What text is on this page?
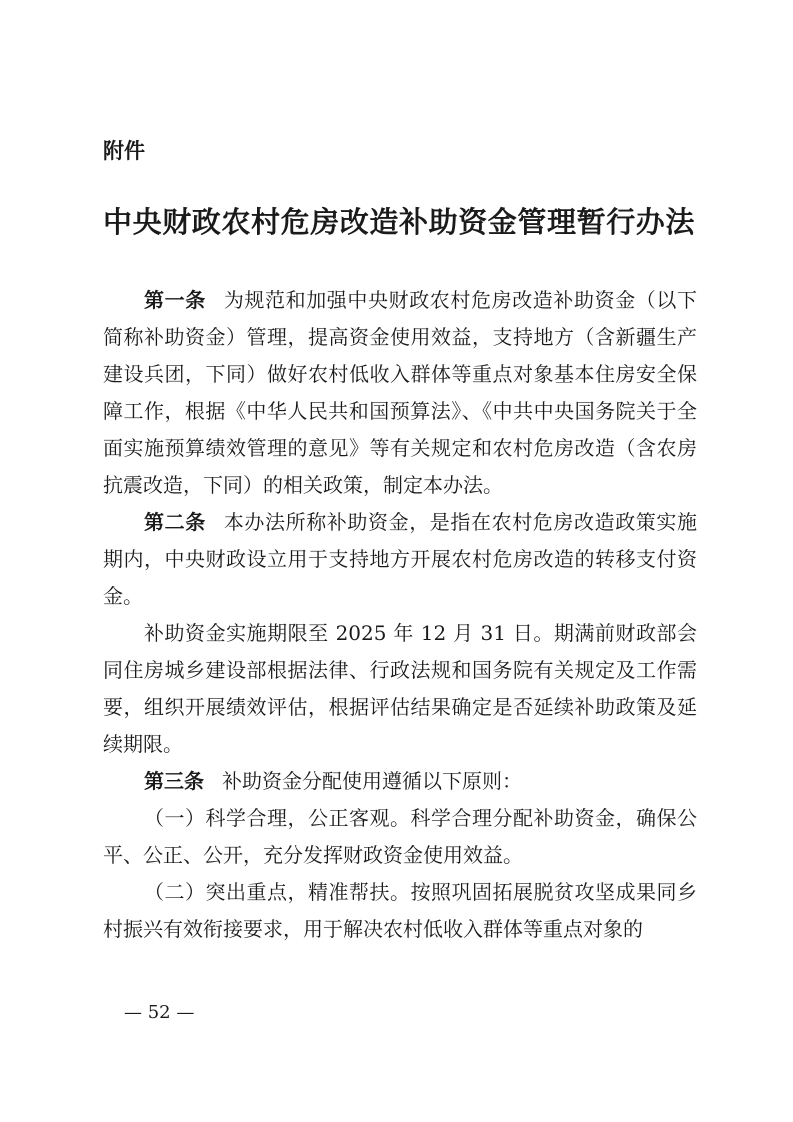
附件
中央财政农村危房改造补助资金管理暂行办法

第一条 为规范和加强中央财政农村危房改造补助资金（以下简称补助资金）管理，提高资金使用效益，支持地方（含新疆生产建设兵团，下同）做好农村低收入群体等重点对象基本住房安全保障工作，根据《中华人民共和国预算法》、《中共中央国务院关于全面实施预算绩效管理的意见》等有关规定和农村危房改造（含农房抗震改造，下同）的相关政策，制定本办法。

第二条 本办法所称补助资金，是指在农村危房改造政策实施期内，中央财政设立用于支持地方开展农村危房改造的转移支付资金。

补助资金实施期限至 2025 年 12 月 31 日。期满前财政部会同住房城乡建设部根据法律、行政法规和国务院有关规定及工作需要，组织开展绩效评估，根据评估结果确定是否延续补助政策及延续期限。

第三条 补助资金分配使用遵循以下原则：

（一）科学合理，公正客观。科学合理分配补助资金，确保公平、公正、公开，充分发挥财政资金使用效益。

（二）突出重点，精准帮扶。按照巩固拓展脱贫攻坚成果同乡村振兴有效衔接要求，用于解决农村低收入群体等重点对象的

— 52 —
